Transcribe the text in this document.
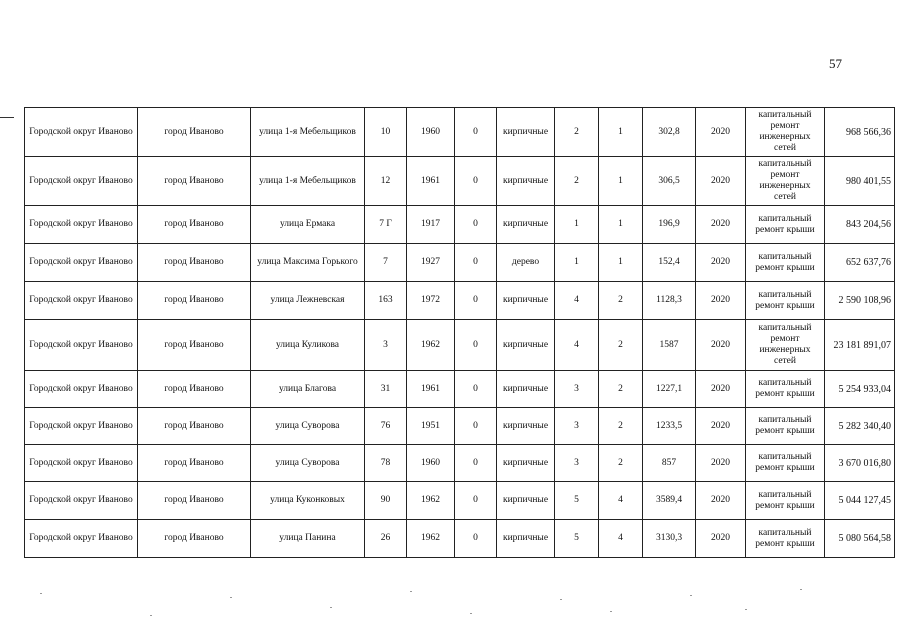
57
Городской округ Иваново	город Иваново	улица 1-я Мебельщиков	10	1960	0	кирпичные	2	1	302,8	2020	капитальный ремонт инженерных сетей	968 566,36
Городской округ Иваново	город Иваново	улица 1-я Мебельщиков	12	1961	0	кирпичные	2	1	306,5	2020	капитальный ремонт инженерных сетей	980 401,55
Городской округ Иваново	город Иваново	улица Ермака	7 Г	1917	0	кирпичные	1	1	196,9	2020	капитальный ремонт крыши	843 204,56
Городской округ Иваново	город Иваново	улица Максима Горького	7	1927	0	дерево	1	1	152,4	2020	капитальный ремонт крыши	652 637,76
Городской округ Иваново	город Иваново	улица Лежневская	163	1972	0	кирпичные	4	2	1128,3	2020	капитальный ремонт крыши	2 590 108,96
Городской округ Иваново	город Иваново	улица Куликова	3	1962	0	кирпичные	4	2	1587	2020	капитальный ремонт инженерных сетей	23 181 891,07
Городской округ Иваново	город Иваново	улица Благова	31	1961	0	кирпичные	3	2	1227,1	2020	капитальный ремонт крыши	5 254 933,04
Городской округ Иваново	город Иваново	улица Суворова	76	1951	0	кирпичные	3	2	1233,5	2020	капитальный ремонт крыши	5 282 340,40
Городской округ Иваново	город Иваново	улица Суворова	78	1960	0	кирпичные	3	2	857	2020	капитальный ремонт крыши	3 670 016,80
Городской округ Иваново	город Иваново	улица Куконковых	90	1962	0	кирпичные	5	4	3589,4	2020	капитальный ремонт крыши	5 044 127,45
Городской округ Иваново	город Иваново	улица Панина	26	1962	0	кирпичные	5	4	3130,3	2020	капитальный ремонт крыши	5 080 564,58
